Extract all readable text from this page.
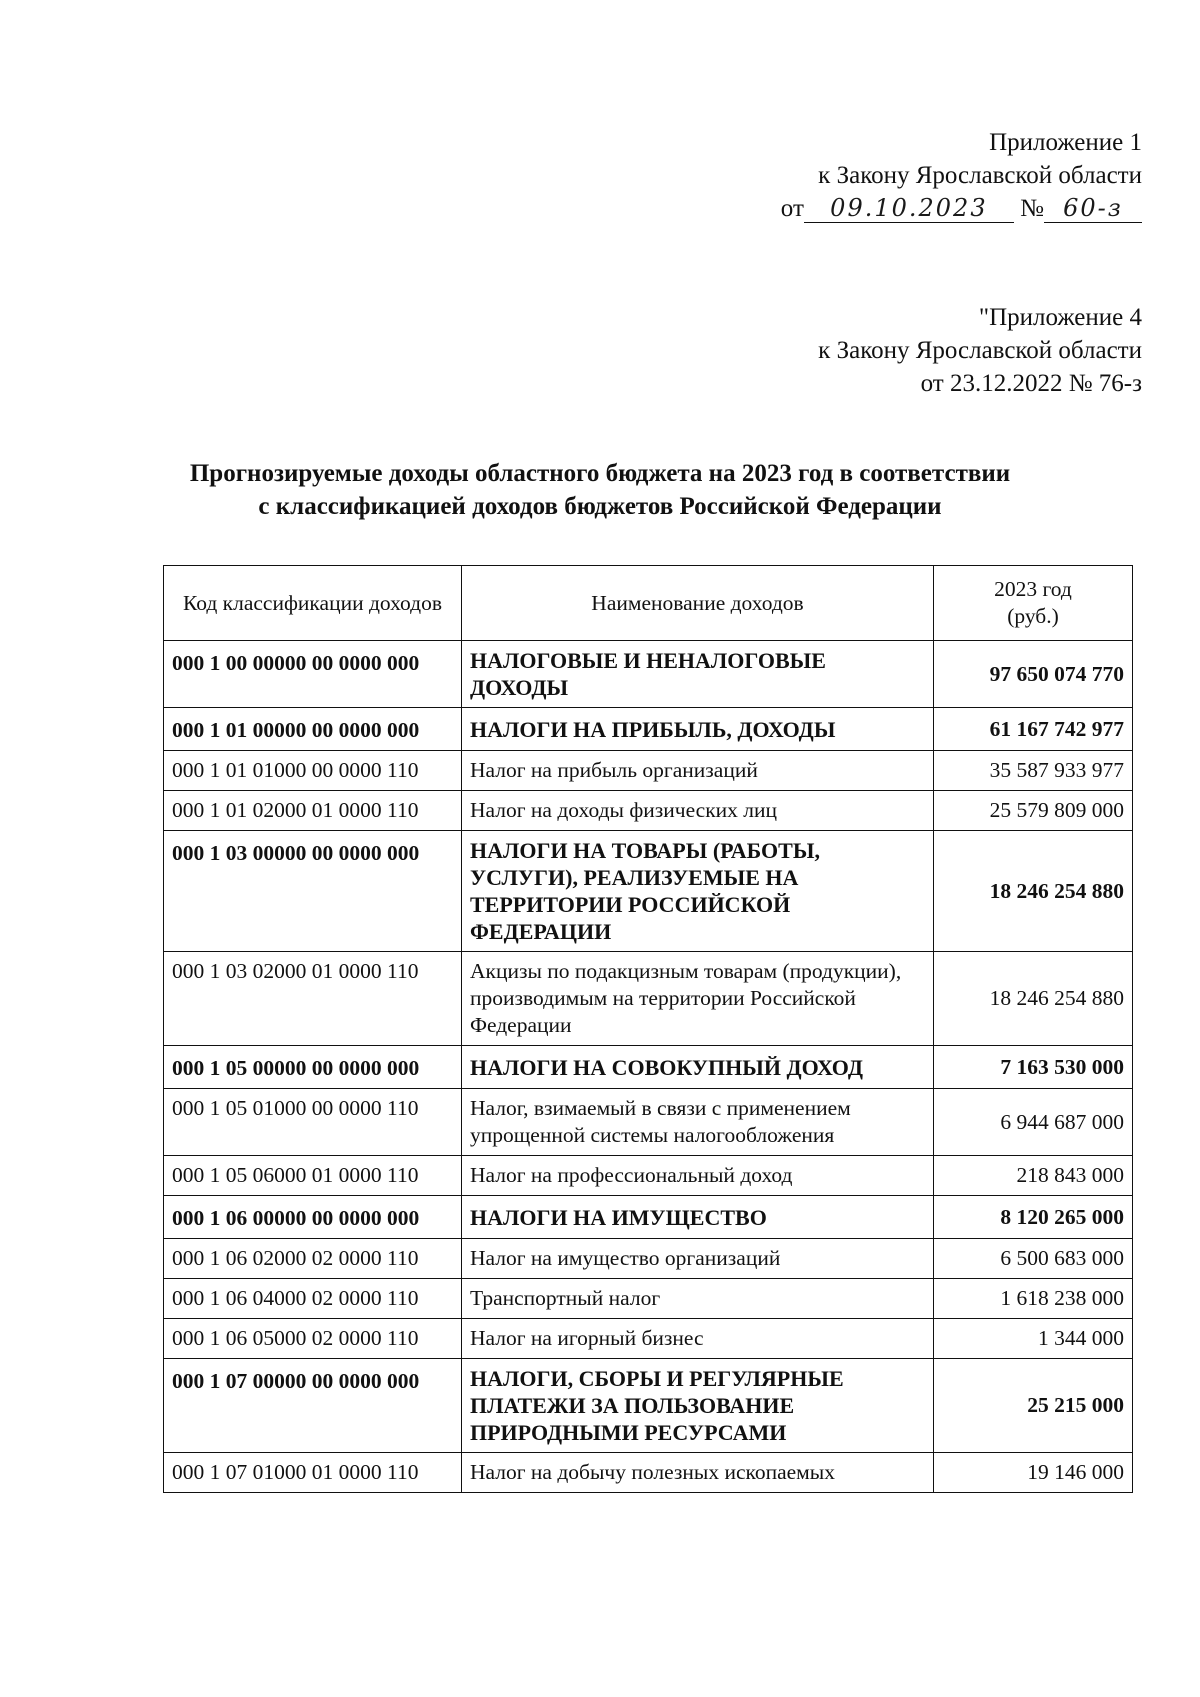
Приложение 1
к Закону Ярославской области
от 09.10.2023 № 60-з
"Приложение 4
к Закону Ярославской области
от 23.12.2022 № 76-з
Прогнозируемые доходы областного бюджета на 2023 год в соответствии
с классификацией доходов бюджетов Российской Федерации
Код классификации доходов	Наименование доходов	2023 год
(руб.)

000 1 00 00000 00 0000 000	НАЛОГОВЫЕ И НЕНАЛОГОВЫЕ ДОХОДЫ	97 650 074 770
000 1 01 00000 00 0000 000	НАЛОГИ НА ПРИБЫЛЬ, ДОХОДЫ	61 167 742 977
000 1 01 01000 00 0000 110	Налог на прибыль организаций	35 587 933 977
000 1 01 02000 01 0000 110	Налог на доходы физических лиц	25 579 809 000
000 1 03 00000 00 0000 000	НАЛОГИ НА ТОВАРЫ (РАБОТЫ, УСЛУГИ), РЕАЛИЗУЕМЫЕ НА ТЕРРИТОРИИ РОССИЙСКОЙ ФЕДЕРАЦИИ	18 246 254 880
000 1 03 02000 01 0000 110	Акцизы по подакцизным товарам (продукции), производимым на территории Российской Федерации	18 246 254 880
000 1 05 00000 00 0000 000	НАЛОГИ НА СОВОКУПНЫЙ ДОХОД	7 163 530 000
000 1 05 01000 00 0000 110	Налог, взимаемый в связи с применением упрощенной системы налогообложения	6 944 687 000
000 1 05 06000 01 0000 110	Налог на профессиональный доход	218 843 000
000 1 06 00000 00 0000 000	НАЛОГИ НА ИМУЩЕСТВО	8 120 265 000
000 1 06 02000 02 0000 110	Налог на имущество организаций	6 500 683 000
000 1 06 04000 02 0000 110	Транспортный налог	1 618 238 000
000 1 06 05000 02 0000 110	Налог на игорный бизнес	1 344 000
000 1 07 00000 00 0000 000	НАЛОГИ, СБОРЫ И РЕГУЛЯРНЫЕ ПЛАТЕЖИ ЗА ПОЛЬЗОВАНИЕ ПРИРОДНЫМИ РЕСУРСАМИ	25 215 000
000 1 07 01000 01 0000 110	Налог на добычу полезных ископаемых	19 146 000
